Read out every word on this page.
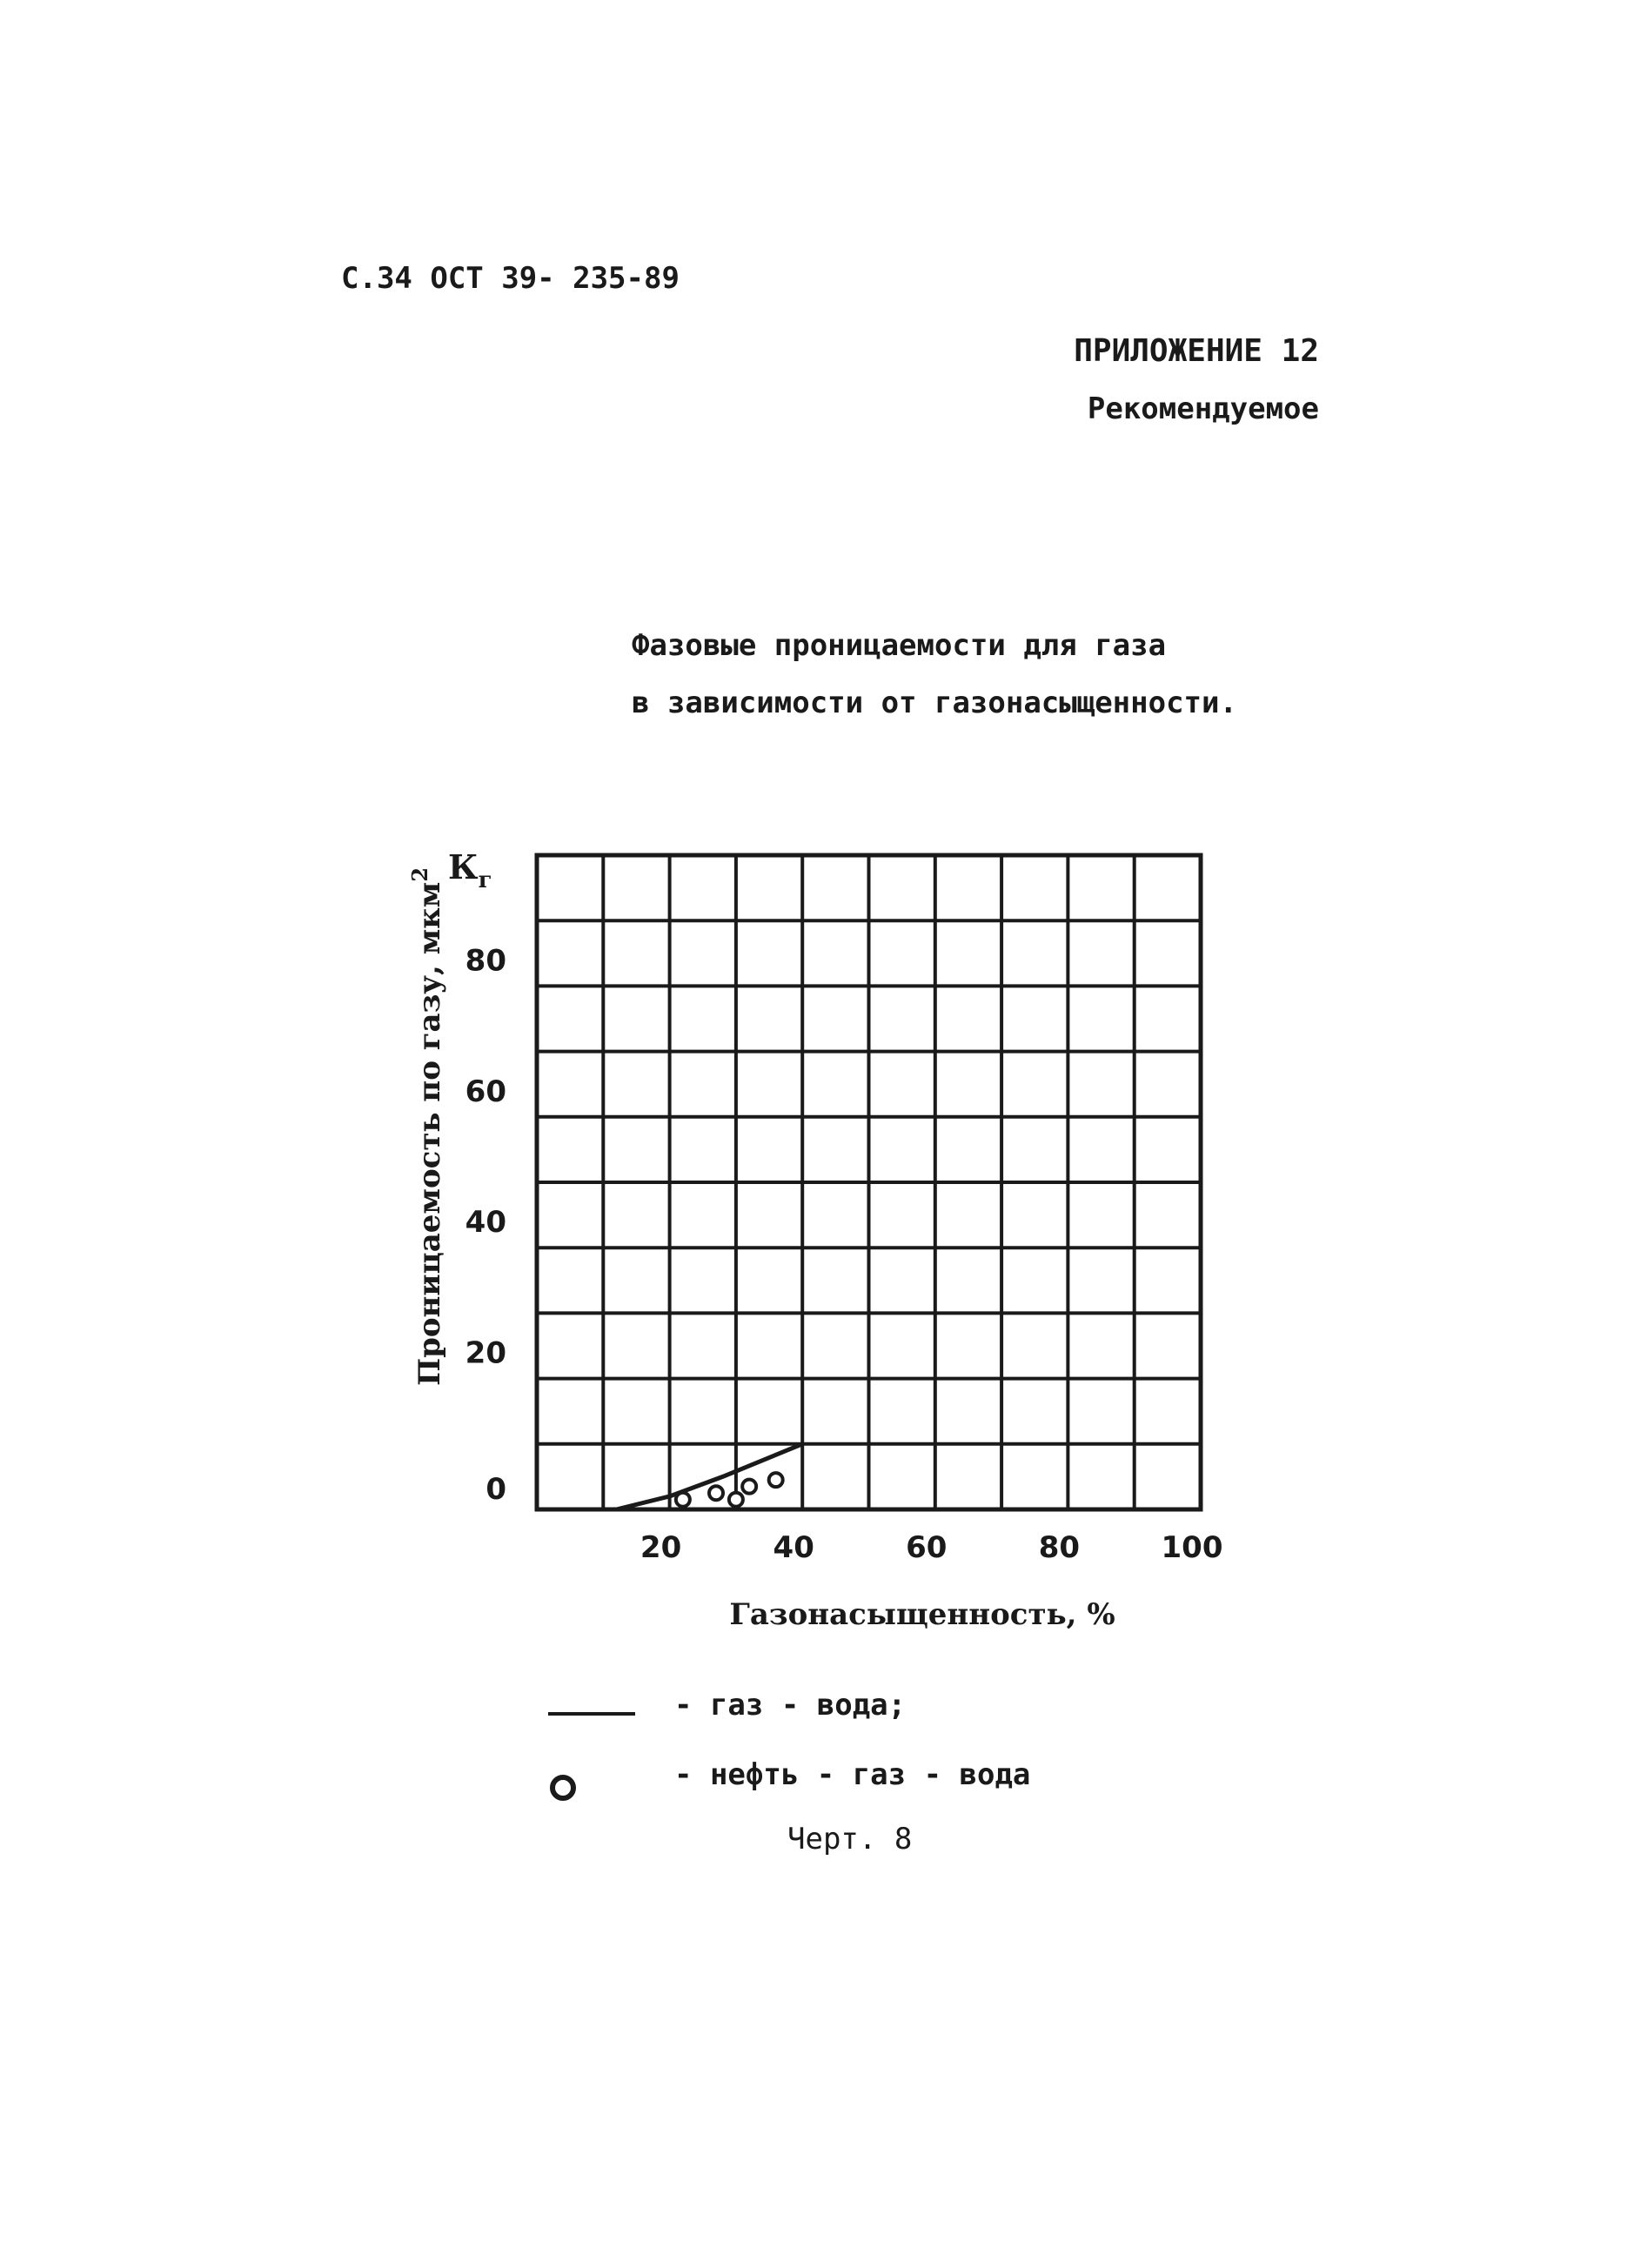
С.34 ОСТ 39- 235-89
ПРИЛОЖЕНИЕ 12
Рекомендуемое
Фазовые проницаемости для газа
в зависимости от газонасыщенности.
20	40	60	80	100
0
20
40
60
80
$К_г$
Проницаемость по газу, мкм$^2$
Газонасыщенность, %
- газ - вода;
- нефть - газ - вода
Черт. 8
